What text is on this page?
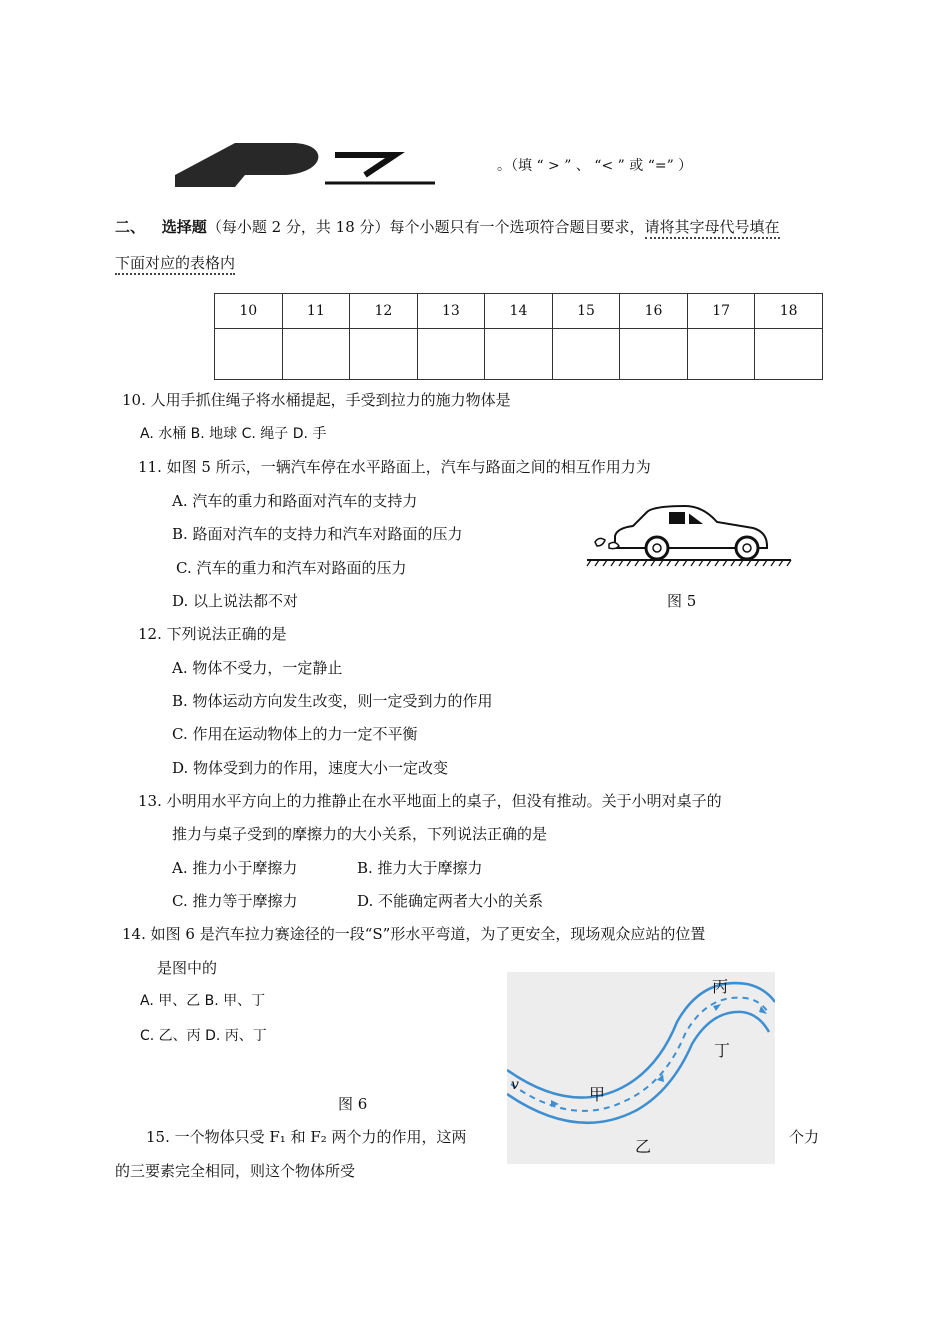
。（填 “ > ” 、 “< ” 或 “=” ）
二、 选择题（每小题 2 分，共 18 分）每个小题只有一个选项符合题目要求，请将其字母代号填在
下面对应的表格内
10	11	12	13	14	15	16	17	18

10. 人用手抓住绳子将水桶提起，手受到拉力的施力物体是
A. 水桶 B. 地球 C. 绳子 D. 手
11. 如图 5 所示，一辆汽车停在水平路面上，汽车与路面之间的相互作用力为
A. 汽车的重力和路面对汽车的支持力
B. 路面对汽车的支持力和汽车对路面的压力
C. 汽车的重力和汽车对路面的压力
D. 以上说法都不对	图 5
12. 下列说法正确的是
A. 物体不受力，一定静止
B. 物体运动方向发生改变，则一定受到力的作用
C. 作用在运动物体上的力一定不平衡
D. 物体受到力的作用，速度大小一定改变
13. 小明用水平方向上的力推静止在水平地面上的桌子，但没有推动。关于小明对桌子的
推力与桌子受到的摩擦力的大小关系，下列说法正确的是
A. 推力小于摩擦力	B. 推力大于摩擦力
C. 推力等于摩擦力	D. 不能确定两者大小的关系
14. 如图 6 是汽车拉力赛途径的一段“S”形水平弯道，为了更安全，现场观众应站的位置
是图中的
A. 甲、乙 B. 甲、丁
C. 乙、丙 D. 丙、丁
图 6
丙
丁
甲
乙
v
15. 一个物体只受 F₁ 和 F₂ 两个力的作用，这两	个力
的三要素完全相同，则这个物体所受
